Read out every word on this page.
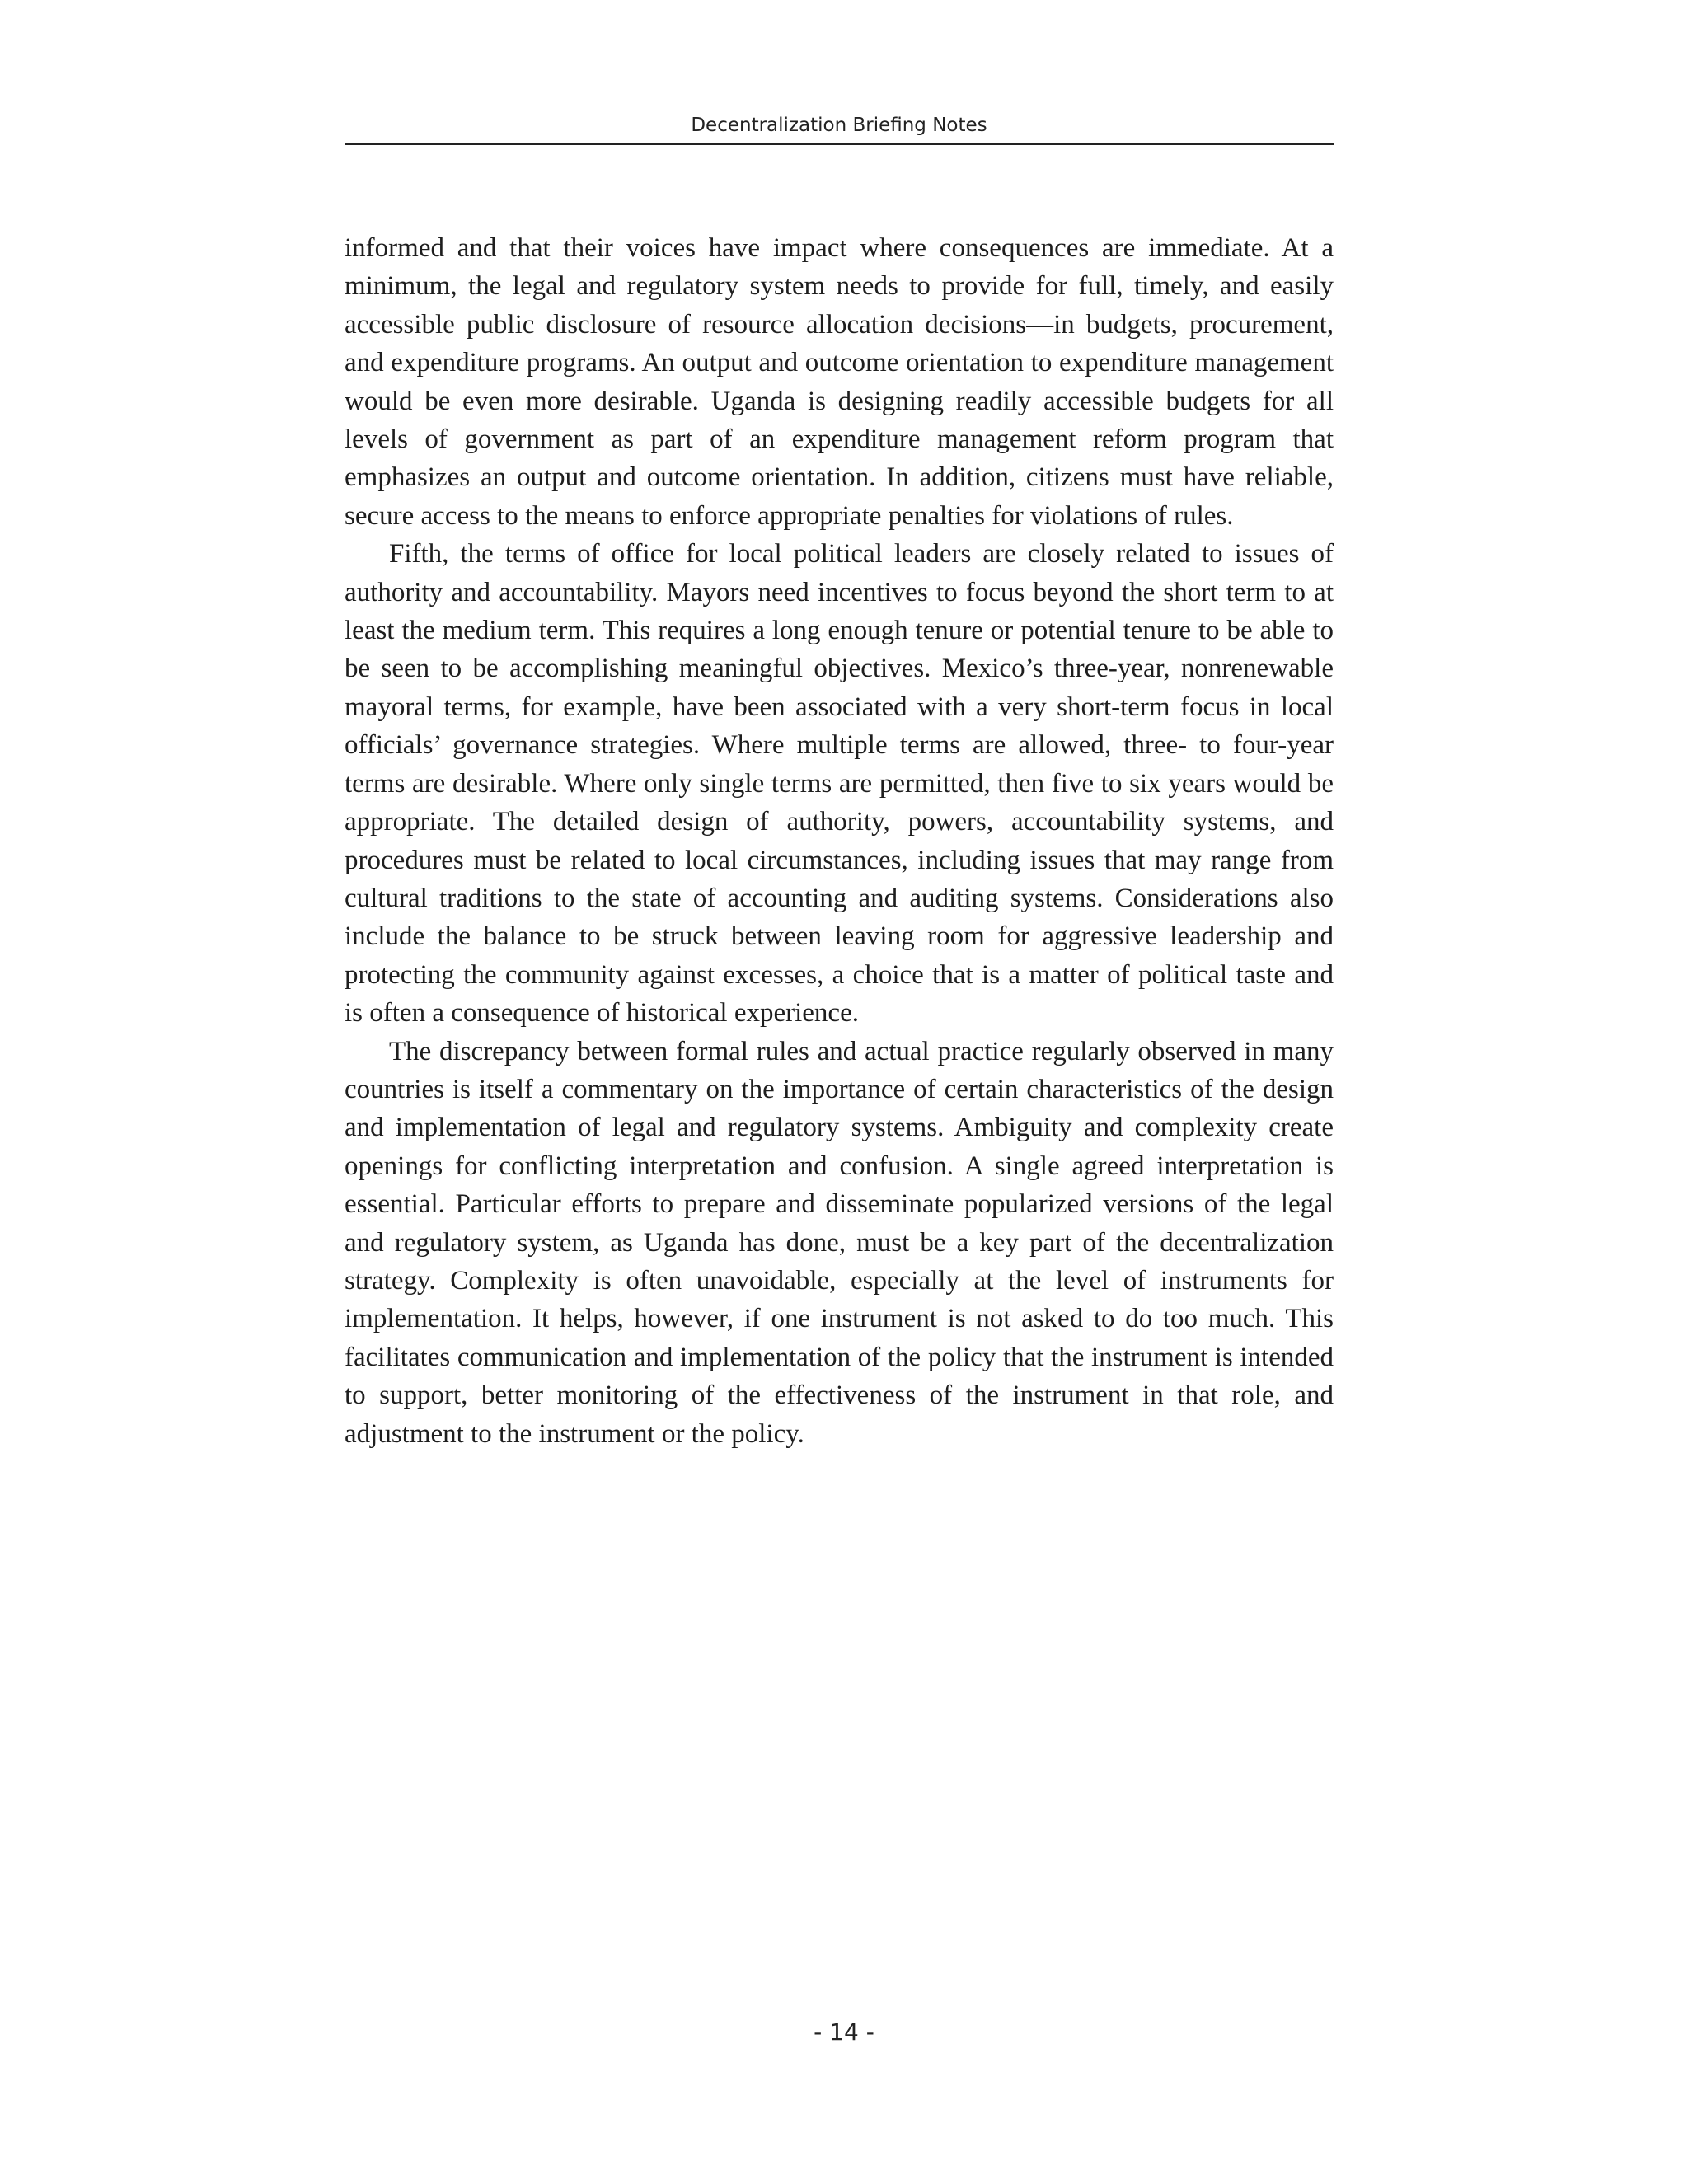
Decentralization Briefing Notes

informed and that their voices have impact where consequences are immediate. At a minimum, the legal and regulatory system needs to provide for full, timely, and easily accessible public disclosure of resource allocation decisions—in budgets, procurement, and expenditure programs. An output and outcome orientation to expenditure management would be even more desirable. Uganda is designing readily accessible budgets for all levels of government as part of an expenditure management reform program that emphasizes an output and outcome orientation. In addition, citizens must have reliable, secure access to the means to enforce appropriate penalties for violations of rules.

Fifth, the terms of office for local political leaders are closely related to issues of authority and accountability. Mayors need incentives to focus beyond the short term to at least the medium term. This requires a long enough tenure or potential tenure to be able to be seen to be accomplishing meaningful objectives. Mexico’s three-year, nonrenewable mayoral terms, for example, have been associated with a very short-term focus in local officials’ governance strategies. Where multiple terms are allowed, three- to four-year terms are desirable. Where only single terms are permitted, then five to six years would be appropriate. The detailed design of authority, powers, accountability systems, and procedures must be related to local circumstances, including issues that may range from cultural traditions to the state of accounting and auditing systems. Considerations also include the balance to be struck between leaving room for aggressive leadership and protecting the community against excesses, a choice that is a matter of political taste and is often a consequence of historical experience.

The discrepancy between formal rules and actual practice regularly observed in many countries is itself a commentary on the importance of certain characteristics of the design and implementation of legal and regulatory systems. Ambiguity and complexity create openings for conflicting interpretation and confusion. A single agreed interpretation is essential. Particular efforts to prepare and disseminate popularized versions of the legal and regulatory system, as Uganda has done, must be a key part of the decentralization strategy. Complexity is often unavoidable, especially at the level of instruments for implementation. It helps, however, if one instrument is not asked to do too much. This facilitates communication and implementation of the policy that the instrument is intended to support, better monitoring of the effectiveness of the instrument in that role, and adjustment to the instrument or the policy.

- 14 -
